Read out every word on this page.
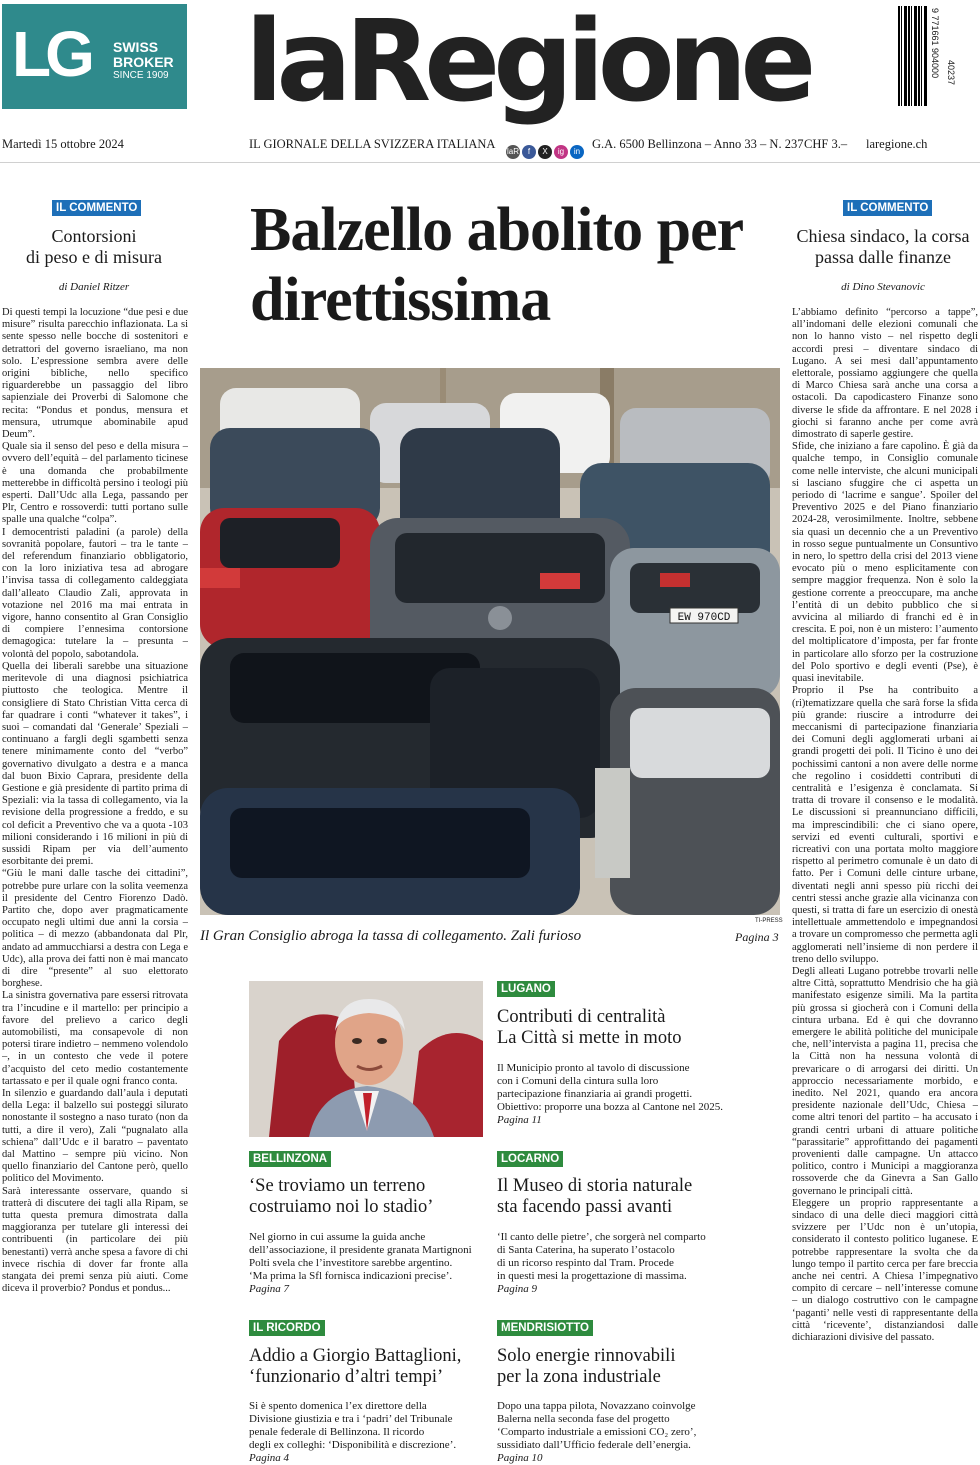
LG SWISS
BROKER
SINCE 1909 laRegione	9 771661 904000 40237
Martedì 15 ottobre 2024	IL GIORNALE DELLA SVIZZERA ITALIANA
laR	f	X	ig	in
G.A. 6500 Bellinzona – Anno 33 – N. 237 CHF 3.– laregione.ch
IL COMMENTO
Contorsioni
di peso e di misura
di Daniel Ritzer

Di questi tempi la locuzione “due pesi e due misure” risulta parecchio inflazionata. La si sente spesso nelle bocche di sostenitori e detrattori del governo israeliano, ma non solo. L’espressione sembra avere delle origini bibliche, nello specifico riguarderebbe un passaggio del libro sapienziale dei Proverbi di Salomone che recita: “Pondus et pondus, mensura et mensura, utrumque abominabile apud Deum”.

Quale sia il senso del peso e della misura – ovvero dell’equità – del parlamento ticinese è una domanda che probabilmente metterebbe in difficoltà persino i teologi più esperti. Dall’Udc alla Lega, passando per Plr, Centro e rossoverdi: tutti portano sulle spalle una qualche “colpa”.

I democentristi paladini (a parole) della sovranità popolare, fautori – tra le tante – del referendum finanziario obbligatorio, con la loro iniziativa tesa ad abrogare l’invisa tassa di collegamento caldeggiata dall’alleato Claudio Zali, approvata in votazione nel 2016 ma mai entrata in vigore, hanno consentito al Gran Consiglio di compiere l’ennesima contorsione demagogica: tutelare la – presunta – volontà del popolo, sabotandola.

Quella dei liberali sarebbe una situazione meritevole di una diagnosi psichiatrica piuttosto che teologica. Mentre il consigliere di Stato Christian Vitta cerca di far quadrare i conti “whatever it takes”, i suoi – comandati dal ‘Generale’ Speziali – continuano a fargli degli sgambetti senza tenere minimamente conto del “verbo” governativo divulgato a destra e a manca dal buon Bixio Caprara, presidente della Gestione e già presidente di partito prima di Speziali: via la tassa di collegamento, via la revisione della progressione a freddo, e su col deficit a Preventivo che va a quota -103 milioni considerando i 16 milioni in più di sussidi Ripam per via dell’aumento esorbitante dei premi.

“Giù le mani dalle tasche dei cittadini”, potrebbe pure urlare con la solita veemenza il presidente del Centro Fiorenzo Dadò. Partito che, dopo aver pragmaticamente occupato negli ultimi due anni la corsia – politica – di mezzo (abbandonata dal Plr, andato ad ammucchiarsi a destra con Lega e Udc), alla prova dei fatti non è mai mancato di dire “presente” al suo elettorato borghese.

La sinistra governativa pare essersi ritrovata tra l’incudine e il martello: per principio a favore del prelievo a carico degli automobilisti, ma consapevole di non potersi tirare indietro – nemmeno volendolo –, in un contesto che vede il potere d’acquisto del ceto medio costantemente tartassato e per il quale ogni franco conta.

In silenzio e guardando dall’aula i deputati della Lega: il balzello sui posteggi silurato nonostante il sostegno a naso turato (non da tutti, a dire il vero), Zali “pugnalato alla schiena” dall’Udc e il baratro – paventato dal Mattino – sempre più vicino. Non quello finanziario del Cantone però, quello politico del Movimento.

Sarà interessante osservare, quando si tratterà di discutere dei tagli alla Ripam, se tutta questa premura dimostrata dalla maggioranza per tutelare gli interessi dei contribuenti (in particolare dei più benestanti) verrà anche spesa a favore di chi invece rischia di dover far fronte alla stangata dei premi senza più aiuti. Come diceva il proverbio? Pondus et pondus...

IL COMMENTO
Chiesa sindaco, la corsa
passa dalle finanze
di Dino Stevanovic

L’abbiamo definito “percorso a tappe”, all’indomani delle elezioni comunali che non lo hanno visto – nel rispetto degli accordi presi – diventare sindaco di Lugano. A sei mesi dall’appuntamento elettorale, possiamo aggiungere che quella di Marco Chiesa sarà anche una corsa a ostacoli. Da capodicastero Finanze sono diverse le sfide da affrontare. E nel 2028 i giochi si faranno anche per come avrà dimostrato di saperle gestire.

Sfide, che iniziano a fare capolino. È già da qualche tempo, in Consiglio comunale come nelle interviste, che alcuni municipali si lasciano sfuggire che ci aspetta un periodo di ‘lacrime e sangue’. Spoiler del Preventivo 2025 e del Piano finanziario 2024-28, verosimilmente. Inoltre, sebbene sia quasi un decennio che a un Preventivo in rosso segue puntualmente un Consuntivo in nero, lo spettro della crisi del 2013 viene evocato più o meno esplicitamente con sempre maggior frequenza. Non è solo la gestione corrente a preoccupare, ma anche l’entità di un debito pubblico che si avvicina al miliardo di franchi ed è in crescita. E poi, non è un mistero: l’aumento del moltiplicatore d’imposta, per far fronte in particolare allo sforzo per la costruzione del Polo sportivo e degli eventi (Pse), è quasi inevitabile.

Proprio il Pse ha contribuito a (ri)tematizzare quella che sarà forse la sfida più grande: riuscire a introdurre dei meccanismi di partecipazione finanziaria dei Comuni degli agglomerati urbani ai grandi progetti dei poli. Il Ticino è uno dei pochissimi cantoni a non avere delle norme che regolino i cosiddetti contributi di centralità e l’esigenza è conclamata. Si tratta di trovare il consenso e le modalità. Le discussioni si preannunciano difficili, ma imprescindibili: che ci siano opere, servizi ed eventi culturali, sportivi e ricreativi con una portata molto maggiore rispetto al perimetro comunale è un dato di fatto. Per i Comuni delle cinture urbane, diventati negli anni spesso più ricchi dei centri stessi anche grazie alla vicinanza con questi, si tratta di fare un esercizio di onestà intellettuale ammettendolo e impegnandosi a trovare un compromesso che permetta agli agglomerati nell’insieme di non perdere il treno dello sviluppo.

Degli alleati Lugano potrebbe trovarli nelle altre Città, soprattutto Mendrisio che ha già manifestato esigenze simili. Ma la partita più grossa si giocherà con i Comuni della cintura urbana. Ed è qui che dovranno emergere le abilità politiche del municipale che, nell’intervista a pagina 11, precisa che la Città non ha nessuna volontà di prevaricare o di arrogarsi dei diritti. Un approccio necessariamente morbido, e inedito. Nel 2021, quando era ancora presidente nazionale dell’Udc, Chiesa – come altri tenori del partito – ha accusato i grandi centri urbani di attuare politiche “parassitarie” approfittando dei pagamenti provenienti dalle campagne. Un attacco politico, contro i Municipi a maggioranza rossoverde che da Ginevra a San Gallo governano le principali città.

Eleggere un proprio rappresentante a sindaco di una delle dieci maggiori città svizzere per l’Udc non è un’utopia, considerato il contesto politico luganese. E potrebbe rappresentare la svolta che da lungo tempo il partito cerca per fare breccia anche nei centri. A Chiesa l’impegnativo compito di cercare – nell’interesse comune – un dialogo costruttivo con le campagne ‘paganti’ nelle vesti di rappresentante della città ‘ricevente’, distanziandosi dalle dichiarazioni divisive del passato.

Balzello abolito per direttissima
EW 970CD
TI-PRESS
Il Gran Consiglio abroga la tassa di collegamento. Zali furioso	Pagina 3
BELLINZONA
‘Se troviamo un terreno
costruiamo noi lo stadio’
Nel giorno in cui assume la guida anche
dell’associazione, il presidente granata Martignoni
Polti svela che l’investitore sarebbe argentino.
‘Ma prima la Sfl fornisca indicazioni precise’.
Pagina 7
IL RICORDO
Addio a Giorgio Battaglioni,
‘funzionario d’altri tempi’
Si è spento domenica l’ex direttore della
Divisione giustizia e tra i ‘padri’ del Tribunale
penale federale di Bellinzona. Il ricordo
degli ex colleghi: ‘Disponibilità e discrezione’.
Pagina 4
LUGANO
Contributi di centralità
La Città si mette in moto
Il Municipio pronto al tavolo di discussione
con i Comuni della cintura sulla loro
partecipazione finanziaria ai grandi progetti.
Obiettivo: proporre una bozza al Cantone nel 2025.
Pagina 11
LOCARNO
Il Museo di storia naturale
sta facendo passi avanti
‘Il canto delle pietre’, che sorgerà nel comparto
di Santa Caterina, ha superato l’ostacolo
di un ricorso respinto dal Tram. Procede
in questi mesi la progettazione di massima.
Pagina 9
MENDRISIOTTO
Solo energie rinnovabili
per la zona industriale
Dopo una tappa pilota, Novazzano coinvolge
Balerna nella seconda fase del progetto
‘Comparto industriale a emissioni CO₂ zero’,
sussidiato dall’Ufficio federale dell’energia.
Pagina 10
